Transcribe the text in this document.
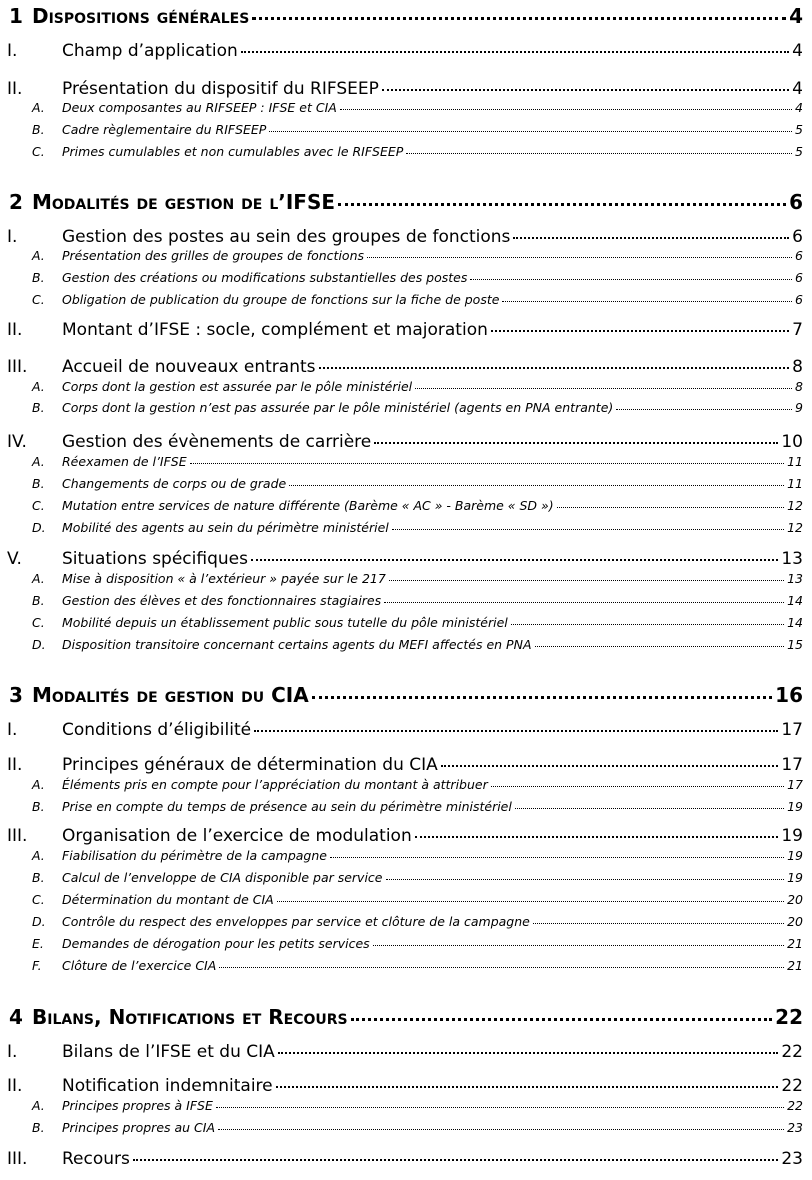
1 Dispositions générales	4
I.	Champ d’application	4
II.	Présentation du dispositif du RIFSEEP	4
A.	Deux composantes au RIFSEEP : IFSE et CIA	4
B.	Cadre règlementaire du RIFSEEP	5
C.	Primes cumulables et non cumulables avec le RIFSEEP	5
2 Modalités de gestion de l’IFSE	6
I.	Gestion des postes au sein des groupes de fonctions	6
A.	Présentation des grilles de groupes de fonctions	6
B.	Gestion des créations ou modifications substantielles des postes	6
C.	Obligation de publication du groupe de fonctions sur la fiche de poste	6
II.	Montant d’IFSE : socle, complément et majoration	7
III.	Accueil de nouveaux entrants	8
A.	Corps dont la gestion est assurée par le pôle ministériel	8
B.	Corps dont la gestion n’est pas assurée par le pôle ministériel (agents en PNA entrante)	9
IV.	Gestion des évènements de carrière	10
A.	Réexamen de l’IFSE	11
B.	Changements de corps ou de grade	11
C.	Mutation entre services de nature différente (Barème « AC » - Barème « SD »)	12
D.	Mobilité des agents au sein du périmètre ministériel	12
V.	Situations spécifiques	13
A.	Mise à disposition « à l’extérieur » payée sur le 217	13
B.	Gestion des élèves et des fonctionnaires stagiaires	14
C.	Mobilité depuis un établissement public sous tutelle du pôle ministériel	14
D.	Disposition transitoire concernant certains agents du MEFI affectés en PNA	15
3 Modalités de gestion du CIA	16
I.	Conditions d’éligibilité	17
II.	Principes généraux de détermination du CIA	17
A.	Éléments pris en compte pour l’appréciation du montant à attribuer	17
B.	Prise en compte du temps de présence au sein du périmètre ministériel	19
III.	Organisation de l’exercice de modulation	19
A.	Fiabilisation du périmètre de la campagne	19
B.	Calcul de l’enveloppe de CIA disponible par service	19
C.	Détermination du montant de CIA	20
D.	Contrôle du respect des enveloppes par service et clôture de la campagne	20
E.	Demandes de dérogation pour les petits services	21
F.	Clôture de l’exercice CIA	21
4 Bilans, Notifications et Recours	22
I.	Bilans de l’IFSE et du CIA	22
II.	Notification indemnitaire	22
A.	Principes propres à IFSE	22
B.	Principes propres au CIA	23
III.	Recours	23
